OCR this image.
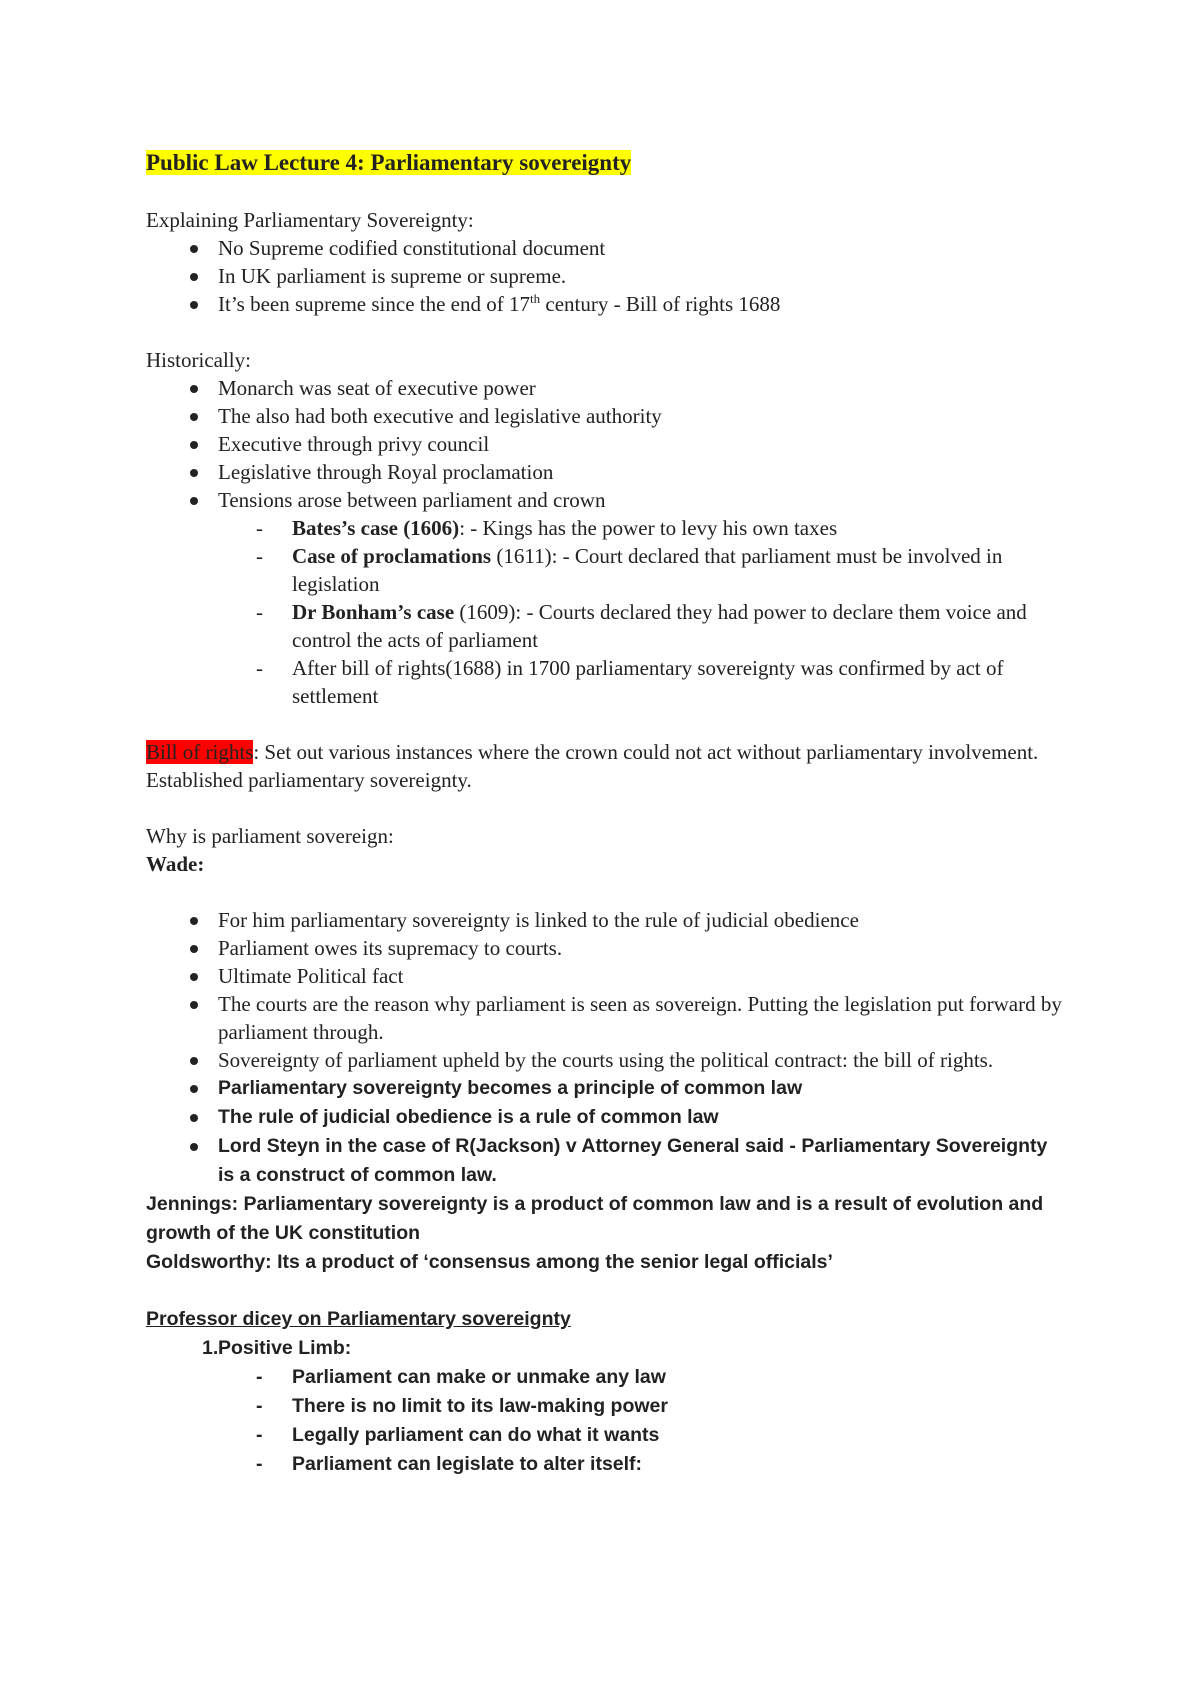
Public Law Lecture 4: Parliamentary sovereignty

Explaining Parliamentary Sovereignty:

No Supreme codified constitutional document
In UK parliament is supreme or supreme.
It’s been supreme since the end of 17th century - Bill of rights 1688

Historically:

Monarch was seat of executive power
The also had both executive and legislative authority
Executive through privy council
Legislative through Royal proclamation
Tensions arose between parliament and crown
- Bates’s case (1606): - Kings has the power to levy his own taxes
- Case of proclamations (1611): - Court declared that parliament must be involved in legislation
- Dr Bonham’s case (1609): - Courts declared they had power to declare them voice and control the acts of parliament
- After bill of rights(1688) in 1700 parliamentary sovereignty was confirmed by act of settlement

Bill of rights: Set out various instances where the crown could not act without parliamentary involvement. Established parliamentary sovereignty.

Why is parliament sovereign:

Wade:

For him parliamentary sovereignty is linked to the rule of judicial obedience
Parliament owes its supremacy to courts.
Ultimate Political fact
The courts are the reason why parliament is seen as sovereign. Putting the legislation put forward by parliament through.
Sovereignty of parliament upheld by the courts using the political contract: the bill of rights.
Parliamentary sovereignty becomes a principle of common law
The rule of judicial obedience is a rule of common law
Lord Steyn in the case of R(Jackson) v Attorney General said - Parliamentary Sovereignty is a construct of common law.

Jennings: Parliamentary sovereignty is a product of common law and is a result of evolution and growth of the UK constitution

Goldsworthy: Its a product of ‘consensus among the senior legal officials’

Professor dicey on Parliamentary sovereignty

1. Positive Limb:
- Parliament can make or unmake any law
- There is no limit to its law-making power
- Legally parliament can do what it wants
- Parliament can legislate to alter itself:
